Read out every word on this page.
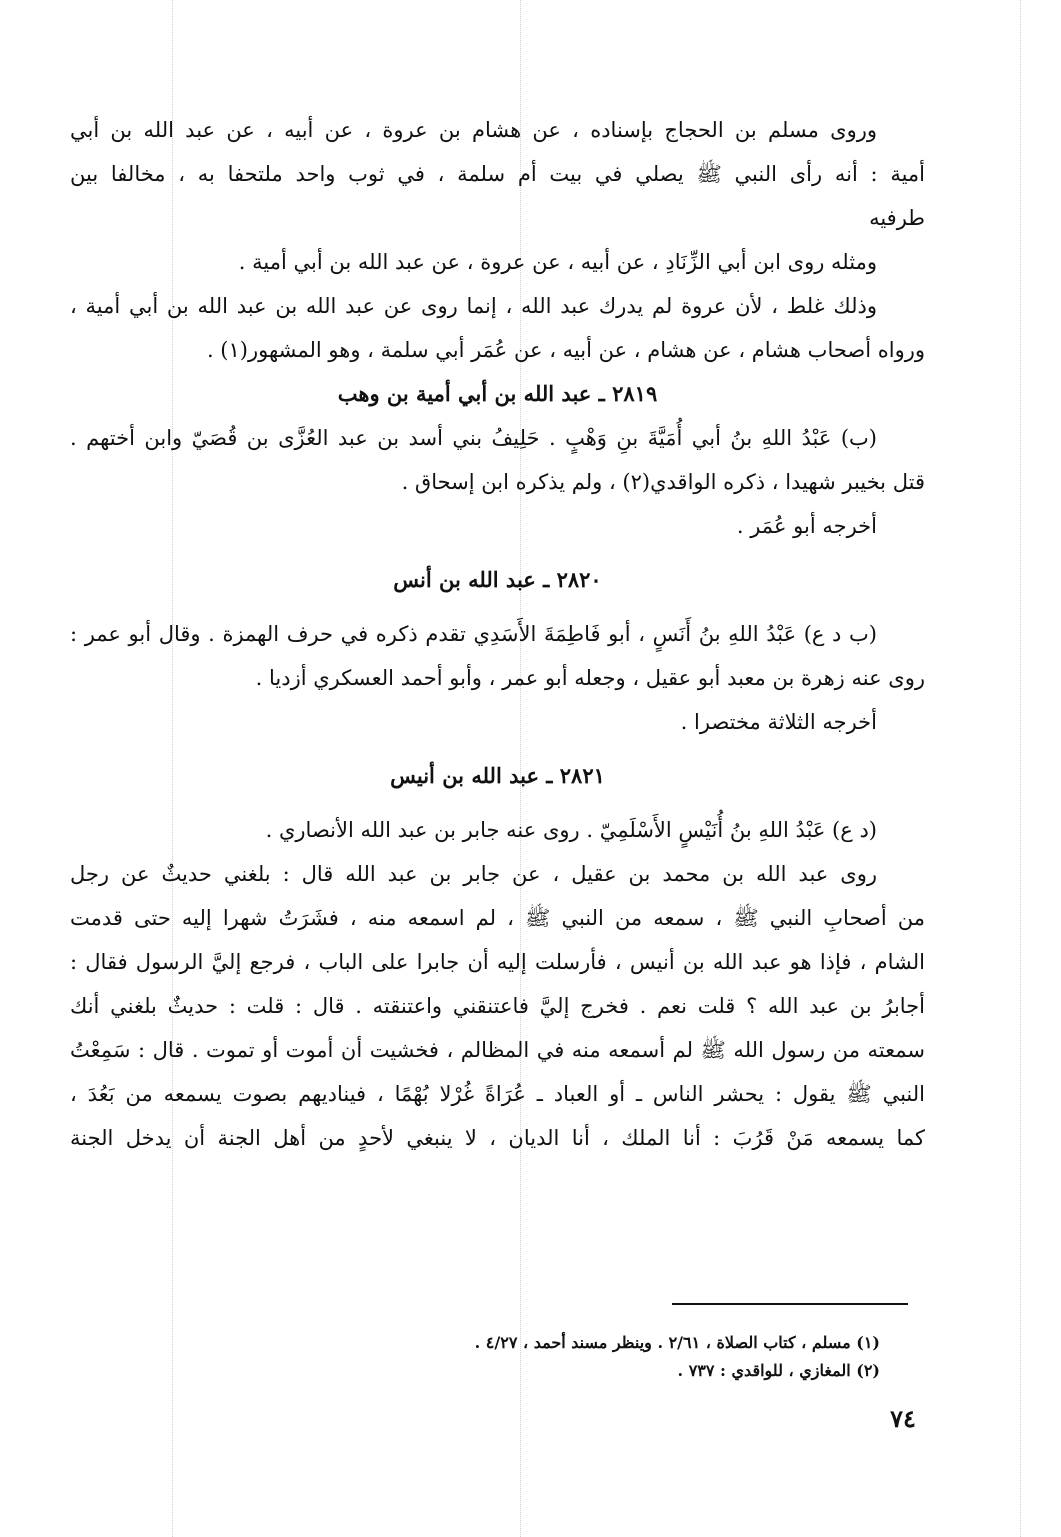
وروى مسلم بن الحجاج بإسناده ، عن هشام بن عروة ، عن أبيه ، عن عبد الله بن أبي
أمية : أنه رأى النبي ﷺ يصلي في بيت أم سلمة ، في ثوب واحد ملتحفا به ، مخالفا بين
طرفيه
ومثله روى ابن أبي الزِّنَادِ ، عن أبيه ، عن عروة ، عن عبد الله بن أبي أمية .
وذلك غلط ، لأن عروة لم يدرك عبد الله ، إنما روى عن عبد الله بن عبد الله بن أبي أمية ،
ورواه أصحاب هشام ، عن هشام ، عن أبيه ، عن عُمَر أبي سلمة ، وهو المشهور(١) .
٢٨١٩ ـ عبد الله بن أبي أمية بن وهب
(ب) عَبْدُ اللهِ بنُ أبي أُمَيَّةَ بنِ وَهْبٍ . حَلِيفُ بني أسد بن عبد العُزَّى بن قُصَيّ وابن أختهم .
قتل بخيبر شهيدا ، ذكره الواقدي(٢) ، ولم يذكره ابن إسحاق .
أخرجه أبو عُمَر .
٢٨٢٠ ـ عبد الله بن أنس
(ب د ع) عَبْدُ اللهِ بنُ أَنَسٍ ، أبو فَاطِمَةَ الأَسَدِي تقدم ذكره في حرف الهمزة . وقال أبو عمر :
روى عنه زهرة بن معبد أبو عقيل ، وجعله أبو عمر ، وأبو أحمد العسكري أزديا .
أخرجه الثلاثة مختصرا .
٢٨٢١ ـ عبد الله بن أنيس
(د ع) عَبْدُ اللهِ بنُ أُنَيْسٍ الأَسْلَمِيّ . روى عنه جابر بن عبد الله الأنصاري .
روى عبد الله بن محمد بن عقيل ، عن جابر بن عبد الله قال : بلغني حديثٌ عن رجل
من أصحابِ النبي ﷺ ، سمعه من النبي ﷺ ، لم اسمعه منه ، فشَرَتُ شهرا إليه حتى قدمت
الشام ، فإذا هو عبد الله بن أنيس ، فأرسلت إليه أن جابرا على الباب ، فرجع إليَّ الرسول فقال :
أجابرُ بن عبد الله ؟ قلت نعم . فخرج إليَّ فاعتنقني واعتنقته . قال : قلت : حديثٌ بلغني أنك
سمعته من رسول الله ﷺ لم أسمعه منه في المظالم ، فخشيت أن أموت أو تموت . قال : سَمِعْتُ
النبي ﷺ يقول : يحشر الناس ـ أو العباد ـ عُرَاةً غُرْلا بُهْمًا ، فيناديهم بصوت يسمعه من بَعُدَ ،
كما يسمعه مَنْ قَرُبَ : أنا الملك ، أنا الديان ، لا ينبغي لأحدٍ من أهل الجنة أن يدخل الجنة
(١) مسلم ، كتاب الصلاة ، ٢/٦١ . وينظر مسند أحمد ، ٤/٢٧ .
(٢) المغازي ، للواقدي : ٧٣٧ .
٧٤
